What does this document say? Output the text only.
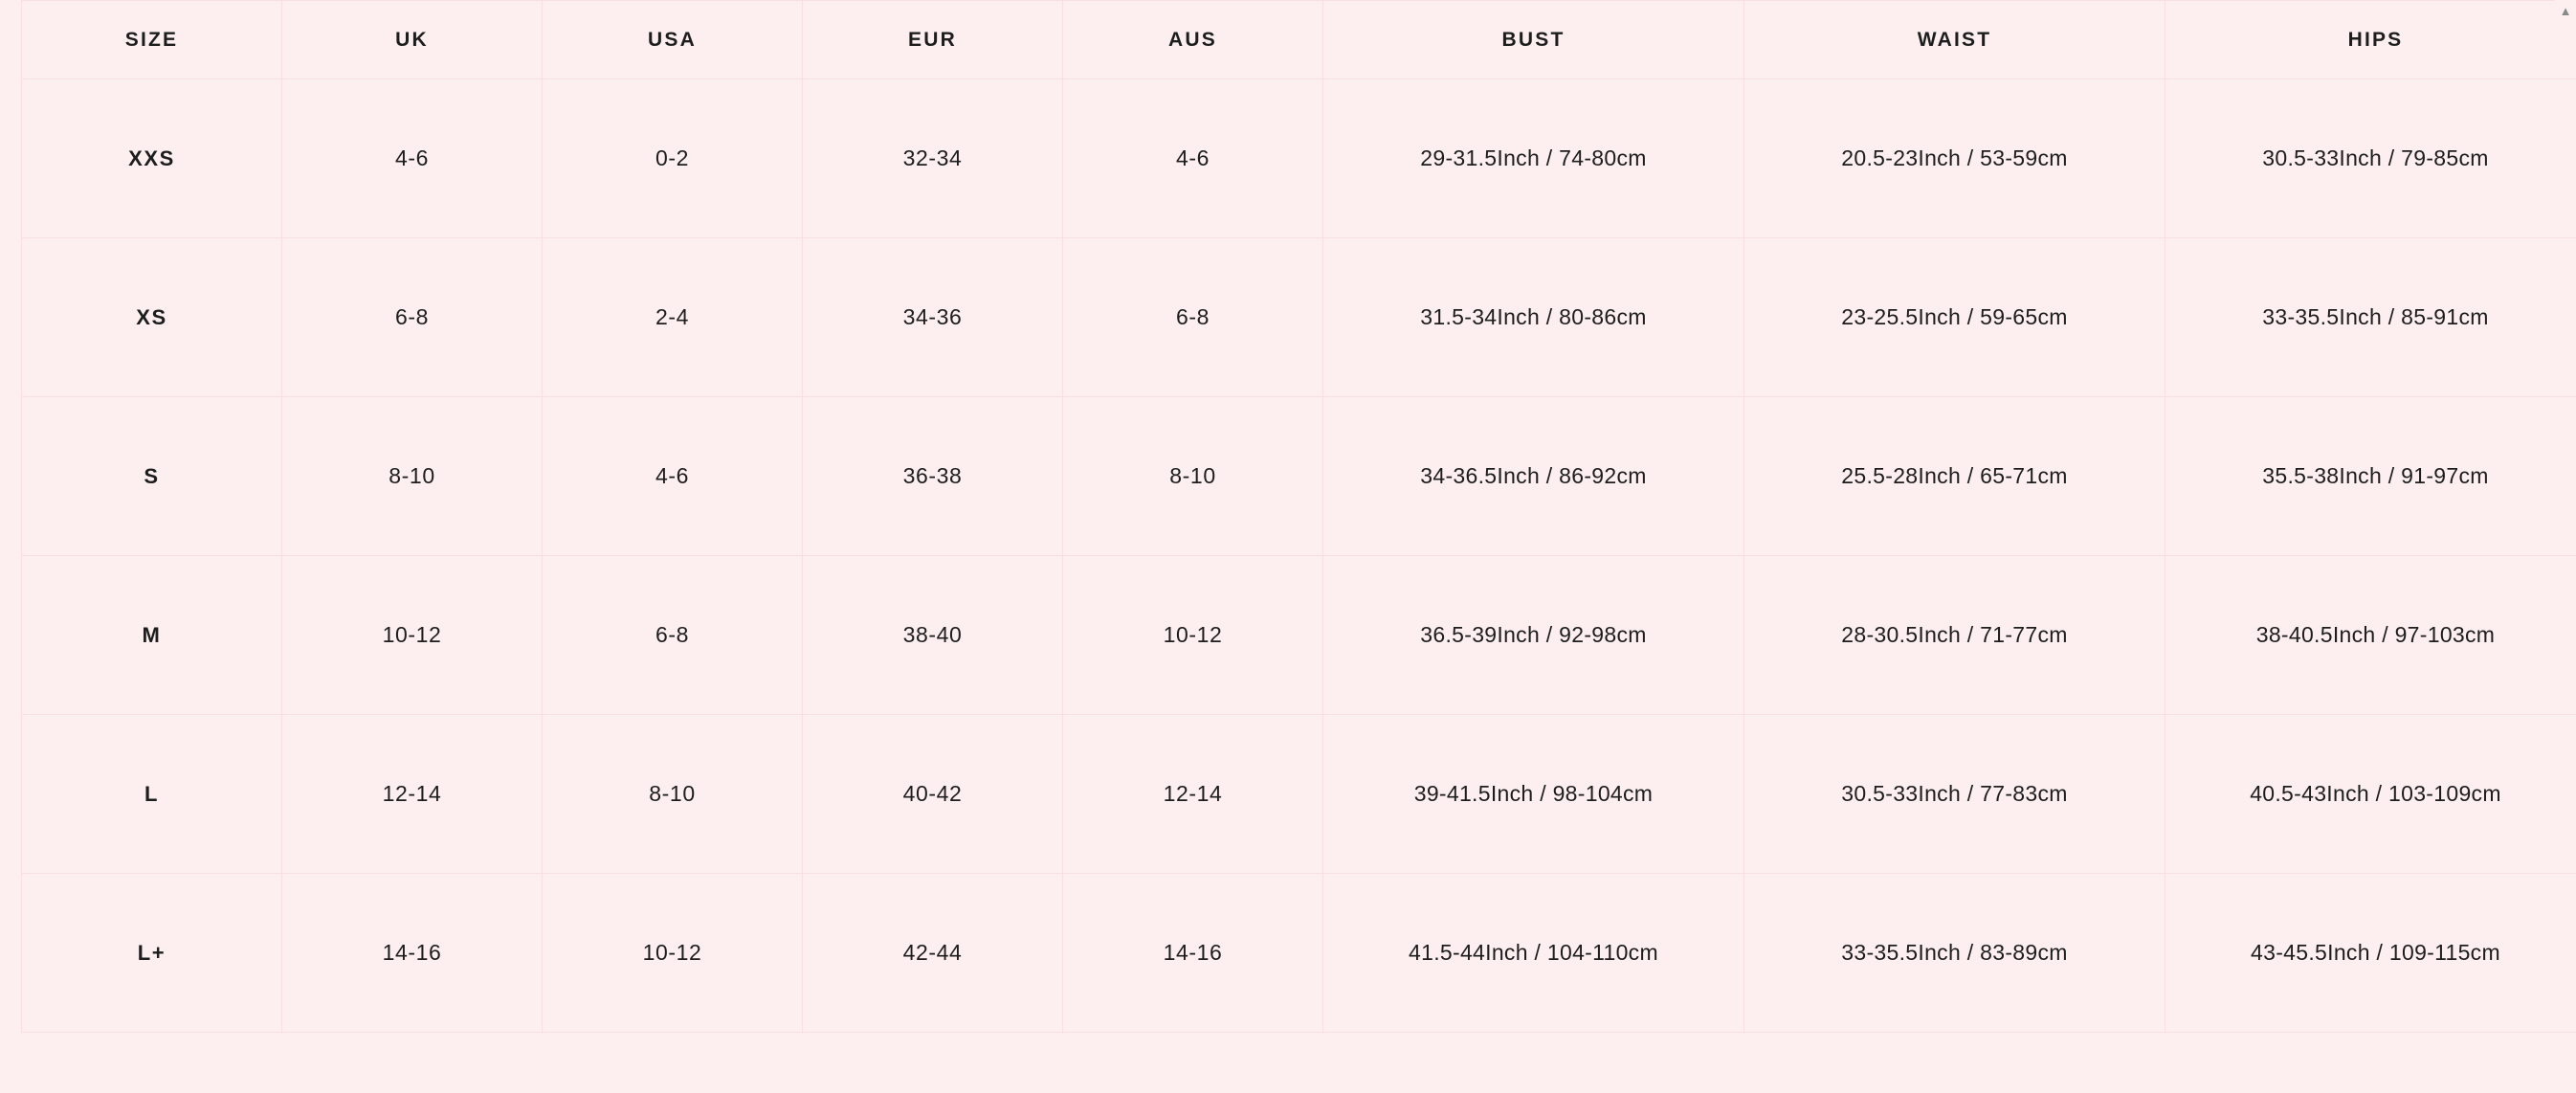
SIZE	UK	USA	EUR	AUS	BUST	WAIST	HIPS
XXS	4-6	0-2	32-34	4-6	29-31.5Inch / 74-80cm	20.5-23Inch / 53-59cm	30.5-33Inch / 79-85cm
XS	6-8	2-4	34-36	6-8	31.5-34Inch / 80-86cm	23-25.5Inch / 59-65cm	33-35.5Inch / 85-91cm
S	8-10	4-6	36-38	8-10	34-36.5Inch / 86-92cm	25.5-28Inch / 65-71cm	35.5-38Inch / 91-97cm
M	10-12	6-8	38-40	10-12	36.5-39Inch / 92-98cm	28-30.5Inch / 71-77cm	38-40.5Inch / 97-103cm
L	12-14	8-10	40-42	12-14	39-41.5Inch / 98-104cm	30.5-33Inch / 77-83cm	40.5-43Inch / 103-109cm
L+	14-16	10-12	42-44	14-16	41.5-44Inch / 104-110cm	33-35.5Inch / 83-89cm	43-45.5Inch / 109-115cm
▲
